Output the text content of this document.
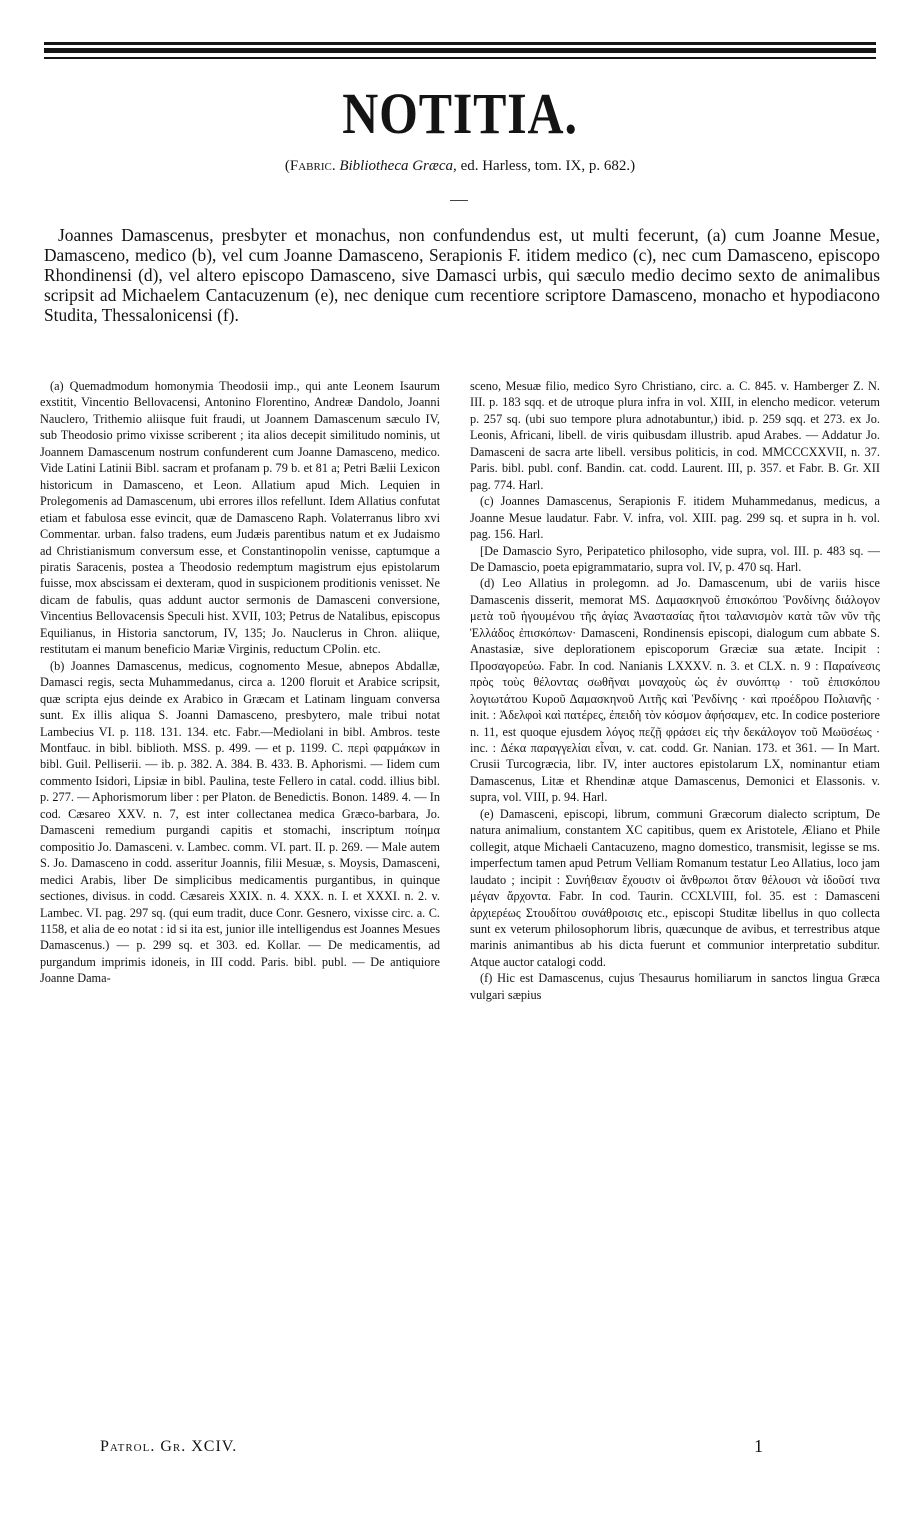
NOTITIA.
(Fabric. Bibliotheca Græca, ed. Harless, tom. IX, p. 682.)

Joannes Damascenus, presbyter et monachus, non confundendus est, ut multi fecerunt, (a) cum Joanne Mesue, Damasceno, medico (b), vel cum Joanne Damasceno, Serapionis F. itidem medico (c), nec cum Damasceno, episcopo Rhondinensi (d), vel altero episcopo Damasceno, sive Damasci urbis, qui sæculo medio decimo sexto de animalibus scripsit ad Michaelem Cantacuzenum (e), nec denique cum recentiore scriptore Damasceno, monacho et hypodiacono Studita, Thessalonicensi (f).

(a) Quemadmodum homonymia Theodosii imp., qui ante Leonem Isaurum exstitit, Vincentio Bellovacensi, Antonino Florentino, Andreæ Dandolo, Joanni Nauclero, Trithemio aliisque fuit fraudi, ut Joannem Damascenum sæculo IV, sub Theodosio primo vixisse scriberent ; ita alios decepit similitudo nominis, ut Joannem Damascenum nostrum confunderent cum Joanne Damasceno, medico. Vide Latini Latinii Bibl. sacram et profanam p. 79 b. et 81 a; Petri Bælii Lexicon historicum in Damasceno, et Leon. Allatium apud Mich. Lequien in Prolegomenis ad Damascenum, ubi errores illos refellunt. Idem Allatius confutat etiam et fabulosa esse evincit, quæ de Damasceno Raph. Volaterranus libro xvi Commentar. urban. falso tradens, eum Judæis parentibus natum et ex Judaismo ad Christianismum conversum esse, et Constantinopolin venisse, captumque a piratis Saracenis, postea a Theodosio redemptum magistrum ejus epistolarum fuisse, mox abscissam ei dexteram, quod in suspicionem proditionis venisset. Ne dicam de fabulis, quas addunt auctor sermonis de Damasceni conversione, Vincentius Bellovacensis Speculi hist. XVII, 103; Petrus de Natalibus, episcopus Equilianus, in Historia sanctorum, IV, 135; Jo. Nauclerus in Chron. aliique, restitutam ei manum beneficio Mariæ Virginis, reductum CPolin. etc.

(b) Joannes Damascenus, medicus, cognomento Mesue, abnepos Abdallæ, Damasci regis, secta Muhammedanus, circa a. 1200 floruit et Arabice scripsit, quæ scripta ejus deinde ex Arabico in Græcam et Latinam linguam conversa sunt. Ex illis aliqua S. Joanni Damasceno, presbytero, male tribui notat Lambecius VI. p. 118. 131. 134. etc. Fabr.—Mediolani in bibl. Ambros. teste Montfauc. in bibl. biblioth. MSS. p. 499. — et p. 1199. C. περὶ φαρμάκων in bibl. Guil. Pelliserii. — ib. p. 382. A. 384. B. 433. B. Aphorismi. — Iidem cum commento Isidori, Lipsiæ in bibl. Paulina, teste Fellero in catal. codd. illius bibl. p. 277. — Aphorismorum liber : per Platon. de Benedictis. Bonon. 1489. 4. — In cod. Cæsareo XXV. n. 7, est inter collectanea medica Græco-barbara, Jo. Damasceni remedium purgandi capitis et stomachi, inscriptum ποίημα compositio Jo. Damasceni. v. Lambec. comm. VI. part. II. p. 269. — Male autem S. Jo. Damasceno in codd. asseritur Joannis, filii Mesuæ, s. Moysis, Damasceni, medici Arabis, liber De simplicibus medicamentis purgantibus, in quinque sectiones, divisus. in codd. Cæsareis XXIX. n. 4. XXX. n. I. et XXXI. n. 2. v. Lambec. VI. pag. 297 sq. (qui eum tradit, duce Conr. Gesnero, vixisse circ. a. C. 1158, et alia de eo notat : id si ita est, junior ille intelligendus est Joannes Mesues Damascenus.) — p. 299 sq. et 303. ed. Kollar. — De medicamentis, ad purgandum imprimis idoneis, in III codd. Paris. bibl. publ. — De antiquiore Joanne Dama-

sceno, Mesuæ filio, medico Syro Christiano, circ. a. C. 845. v. Hamberger Z. N. III. p. 183 sqq. et de utroque plura infra in vol. XIII, in elencho medicor. veterum p. 257 sq. (ubi suo tempore plura adnotabuntur,) ibid. p. 259 sqq. et 273. ex Jo. Leonis, Africani, libell. de viris quibusdam illustrib. apud Arabes. — Addatur Jo. Damasceni de sacra arte libell. versibus politicis, in cod. MMCCCXXVII, n. 37. Paris. bibl. publ. conf. Bandin. cat. codd. Laurent. III, p. 357. et Fabr. B. Gr. XII pag. 774. Harl.

(c) Joannes Damascenus, Serapionis F. itidem Muhammedanus, medicus, a Joanne Mesue laudatur. Fabr. V. infra, vol. XIII. pag. 299 sq. et supra in h. vol. pag. 156. Harl.

[De Damascio Syro, Peripatetico philosopho, vide supra, vol. III. p. 483 sq. — De Damascio, poeta epigrammatario, supra vol. IV, p. 470 sq. Harl.

(d) Leo Allatius in prolegomn. ad Jo. Damascenum, ubi de variis hisce Damascenis disserit, memorat MS. Δαμασκηνοῦ ἐπισκόπου Ῥονδίνης διάλογον μετὰ τοῦ ἡγουμένου τῆς ἁγίας Ἀναστασίας ἤτοι ταλανισμὸν κατὰ τῶν νῦν τῆς Ἑλλάδος ἐπισκόπων· Damasceni, Rondinensis episcopi, dialogum cum abbate S. Anastasiæ, sive deplorationem episcoporum Græciæ sua ætate. Incipit : Προσαγορεύω. Fabr. In cod. Nanianis LXXXV. n. 3. et CLX. n. 9 : Παραίνεσις πρὸς τοὺς θέλοντας σωθῆναι μοναχοὺς ὡς ἐν συνόπτῳ · τοῦ ἐπισκόπου λογιωτάτου Κυροῦ Δαμασκηνοῦ Λιτῆς καὶ Ῥενδίνης · καὶ προέδρου Πολιανῆς · init. : Ἀδελφοὶ καὶ πατέρες, ἐπειδὴ τὸν κόσμον ἀφήσαμεν, etc. In codice posteriore n. 11, est quoque ejusdem λόγος πεζῇ φράσει εἰς τὴν δεκάλογον τοῦ Μωϋσέως · inc. : Δέκα παραγγελίαι εἶναι, v. cat. codd. Gr. Nanian. 173. et 361. — In Mart. Crusii Turcogræcia, libr. IV, inter auctores epistolarum LX, nominantur etiam Damascenus, Litæ et Rhendinæ atque Damascenus, Demonici et Elassonis. v. supra, vol. VIII, p. 94. Harl.

(e) Damasceni, episcopi, librum, communi Græcorum dialecto scriptum, De natura animalium, constantem XC capitibus, quem ex Aristotele, Æliano et Phile collegit, atque Michaeli Cantacuzeno, magno domestico, transmisit, legisse se ms. imperfectum tamen apud Petrum Velliam Romanum testatur Leo Allatius, loco jam laudato ; incipit : Συνήθειαν ἔχουσιν οἱ ἄνθρωποι ὅταν θέλουσι νὰ ἰδοῦσί τινα μέγαν ἄρχοντα. Fabr. In cod. Taurin. CCXLVIII, fol. 35. est : Damasceni ἀρχιερέως Στουδίτου συνάθροισις etc., episcopi Studitæ libellus in quo collecta sunt ex veterum philosophorum libris, quæcunque de avibus, et terrestribus atque marinis animantibus ab his dicta fuerunt et communior interpretatio subditur. Atque auctor catalogi codd.

(f) Hic est Damascenus, cujus Thesaurus homiliarum in sanctos lingua Græca vulgari sæpius

Patrol. Gr. XCIV.	1
